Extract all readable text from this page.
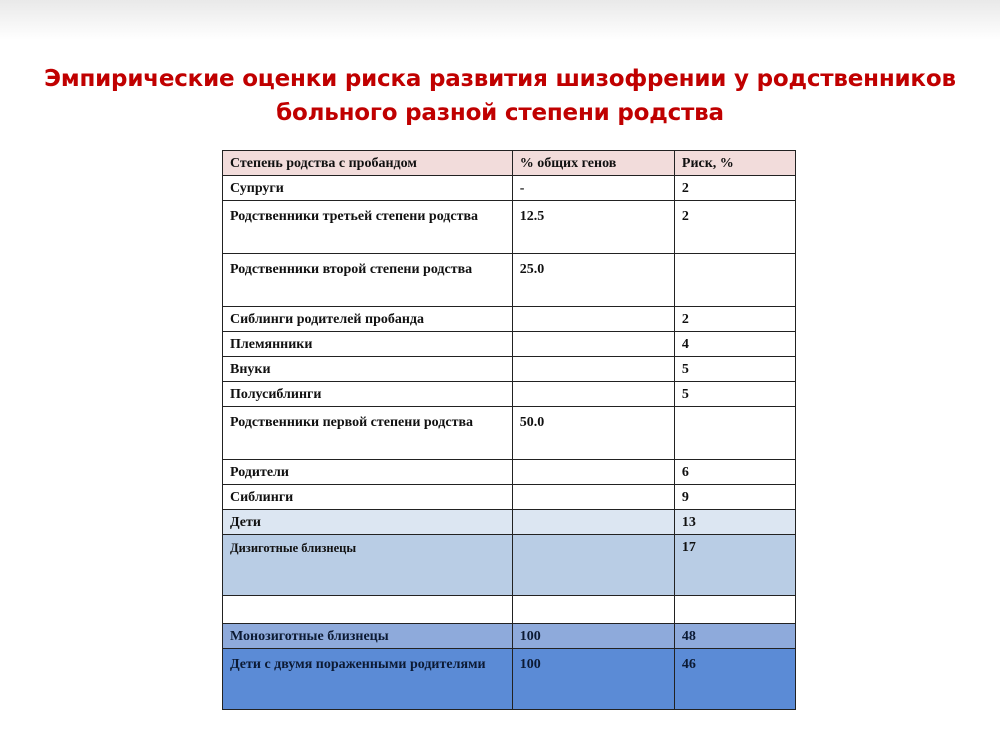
Эмпирические оценки риска развития шизофрении у родственников
больного разной степени родства
Степень родства с пробандом	% общих генов	Риск, %
Супруги	-	2
Родственники третьей степени родства	12.5	2
Родственники второй степени родства	25.0	
Сиблинги родителей пробанда		2
Племянники		4
Внуки		5
Полусиблинги		5
Родственники первой степени родства	50.0	
Родители		6
Сиблинги		9
Дети		13
Дизиготные близнецы		17

Монозиготные близнецы	100	48
Дети с двумя пораженными родителями	100	46
